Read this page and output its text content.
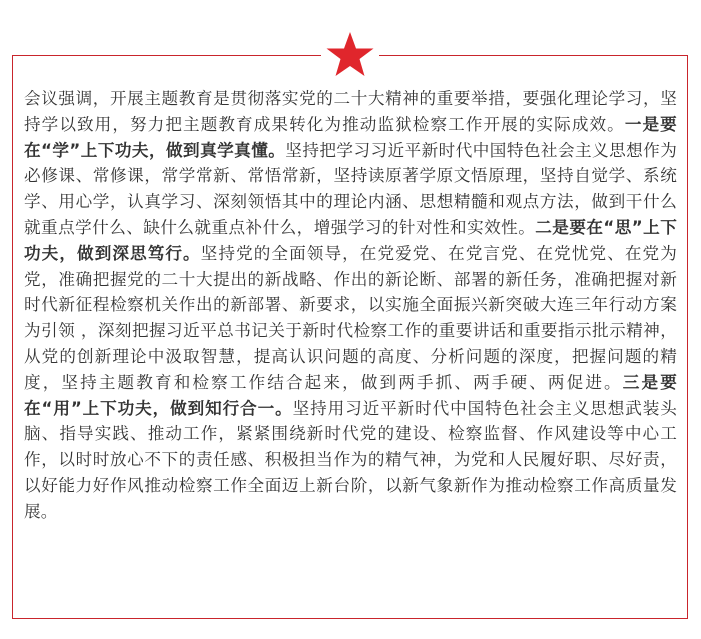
会议强调，开展主题教育是贯彻落实党的二十大精神的重要举措，要强化理论学习，坚持学以致用，努力把主题教育成果转化为推动监狱检察工作开展的实际成效。一是要在“学”上下功夫，做到真学真懂。坚持把学习习近平新时代中国特色社会主义思想作为必修课、常修课，常学常新、常悟常新，坚持读原著学原文悟原理，坚持自觉学、系统学、用心学，认真学习、深刻领悟其中的理论内涵、思想精髓和观点方法，做到干什么就重点学什么、缺什么就重点补什么，增强学习的针对性和实效性。二是要在“思”上下功夫，做到深思笃行。坚持党的全面领导，在党爱党、在党言党、在党忧党、在党为党，准确把握党的二十大提出的新战略、作出的新论断、部署的新任务，准确把握对新时代新征程检察机关作出的新部署、新要求，以实施全面振兴新突破大连三年行动方案为引领 ，深刻把握习近平总书记关于新时代检察工作的重要讲话和重要指示批示精神，从党的创新理论中汲取智慧，提高认识问题的高度、分析问题的深度，把握问题的精度，坚持主题教育和检察工作结合起来，做到两手抓、两手硬、两促进。三是要在“用”上下功夫，做到知行合一。坚持用习近平新时代中国特色社会主义思想武装头脑、指导实践、推动工作，紧紧围绕新时代党的建设、检察监督、作风建设等中心工作，以时时放心不下的责任感、积极担当作为的精气神，为党和人民履好职、尽好责，以好能力好作风推动检察工作全面迈上新台阶，以新气象新作为推动检察工作高质量发展。
